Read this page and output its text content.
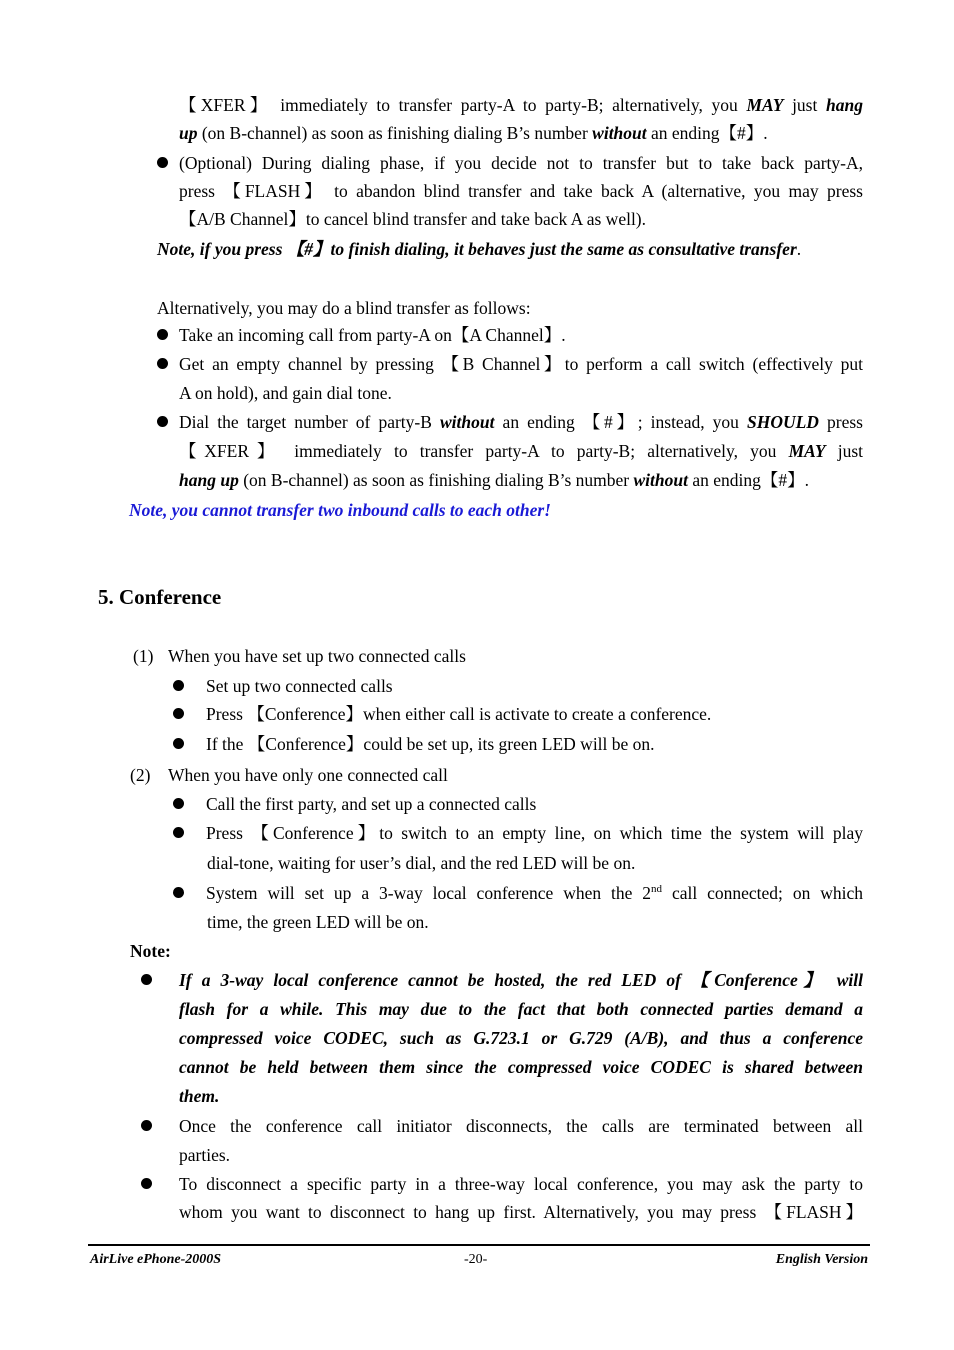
【XFER】 immediately to transfer party-A to party-B; alternatively, you MAY just hang
up (on B-channel) as soon as finishing dialing B’s number without an ending【#】.
(Optional) During dialing phase, if you decide not to transfer but to take back party-A,
press 【FLASH】 to abandon blind transfer and take back A (alternative, you may press
【A/B Channel】to cancel blind transfer and take back A as well).
Note, if you press 【#】to finish dialing, it behaves just the same as consultative transfer.
Alternatively, you may do a blind transfer as follows:
Take an incoming call from party-A on【A Channel】.
Get an empty channel by pressing 【B Channel】to perform a call switch (effectively put
A on hold), and gain dial tone.
Dial the target number of party-B without an ending 【#】; instead, you SHOULD press
【XFER】 immediately to transfer party-A to party-B; alternatively, you MAY just
hang up (on B-channel) as soon as finishing dialing B’s number without an ending【#】.
Note, you cannot transfer two inbound calls to each other!
5. Conference
(1) When you have set up two connected calls
Set up two connected calls
Press 【Conference】when either call is activate to create a conference.
If the 【Conference】could be set up, its green LED will be on.
(2) When you have only one connected call
Call the first party, and set up a connected calls
Press 【Conference】to switch to an empty line, on which time the system will play
dial-tone, waiting for user’s dial, and the red LED will be on.
System will set up a 3-way local conference when the 2nd call connected; on which
time, the green LED will be on.
Note:
If a 3-way local conference cannot be hosted, the red LED of 【Conference】 will
flash for a while. This may due to the fact that both connected parties demand a
compressed voice CODEC, such as G.723.1 or G.729 (A/B), and thus a conference
cannot be held between them since the compressed voice CODEC is shared between
them.
Once the conference call initiator disconnects, the calls are terminated between all
parties.
To disconnect a specific party in a three-way local conference, you may ask the party to
whom you want to disconnect to hang up first. Alternatively, you may press 【FLASH】
AirLive ePhone-2000S	-20-	English Version
